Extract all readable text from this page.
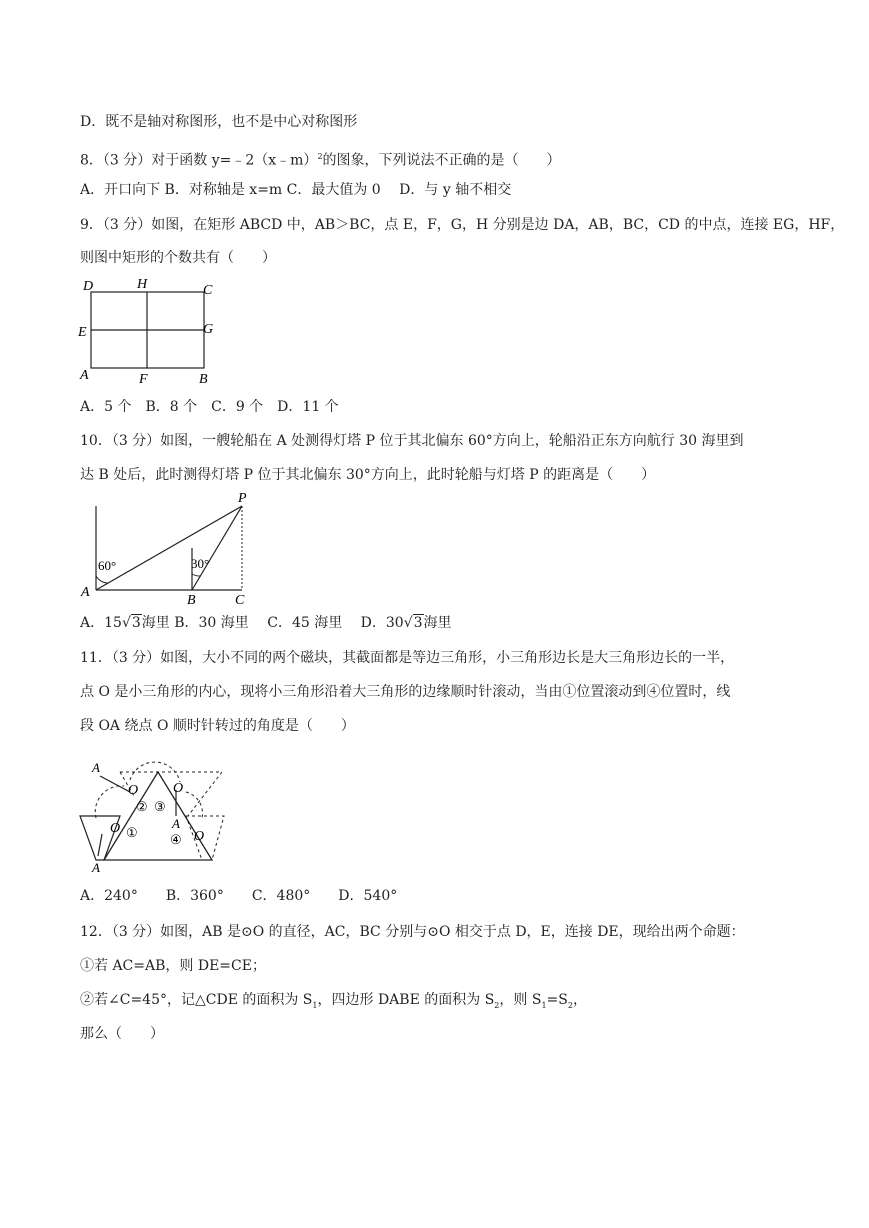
D．既不是轴对称图形，也不是中心对称图形
8．（3 分）对于函数 y=﹣2（x﹣m）$^2$的图象，下列说法不正确的是（　　）
A．开口向下 B．对称轴是 x=m C．最大值为 0　 D．与 y 轴不相交
9．（3 分）如图，在矩形 ABCD 中，AB＞BC，点 E，F，G，H 分别是边 DA，AB，BC，CD 的中点，连接 EG，HF，
则图中矩形的个数共有（　　）
D	H	C
E	G
A	F	B
A．5 个　B．8 个　C．9 个　D．11 个
10．（3 分）如图，一艘轮船在 A 处测得灯塔 P 位于其北偏东 60°方向上，轮船沿正东方向航行 30 海里到
达 B 处后，此时测得灯塔 P 位于其北偏东 30°方向上，此时轮船与灯塔 P 的距离是（　　）
60°	30°
P
A
B	C
A．15√3海里 B．30 海里　 C．45 海里　 D．30√3海里
11．（3 分）如图，大小不同的两个磁块，其截面都是等边三角形，小三角形边长是大三角形边长的一半，
点 O 是小三角形的内心，现将小三角形沿着大三角形的边缘顺时针滚动，当由①位置滚动到④位置时，线
段 OA 绕点 O 顺时针转过的角度是（　　）
A
O O
A
O
O
A
①
② ③
④
A．240°　　B．360°　　C．480°　　D．540°
12．（3 分）如图，AB 是⊙O 的直径，AC，BC 分别与⊙O 相交于点 D，E，连接 DE，现给出两个命题：
①若 AC=AB，则 DE=CE；
②若∠C=45°，记△CDE 的面积为 $S_1$，四边形 DABE 的面积为 $S_2$，则 $S_1=S_2$，
那么（　　）
